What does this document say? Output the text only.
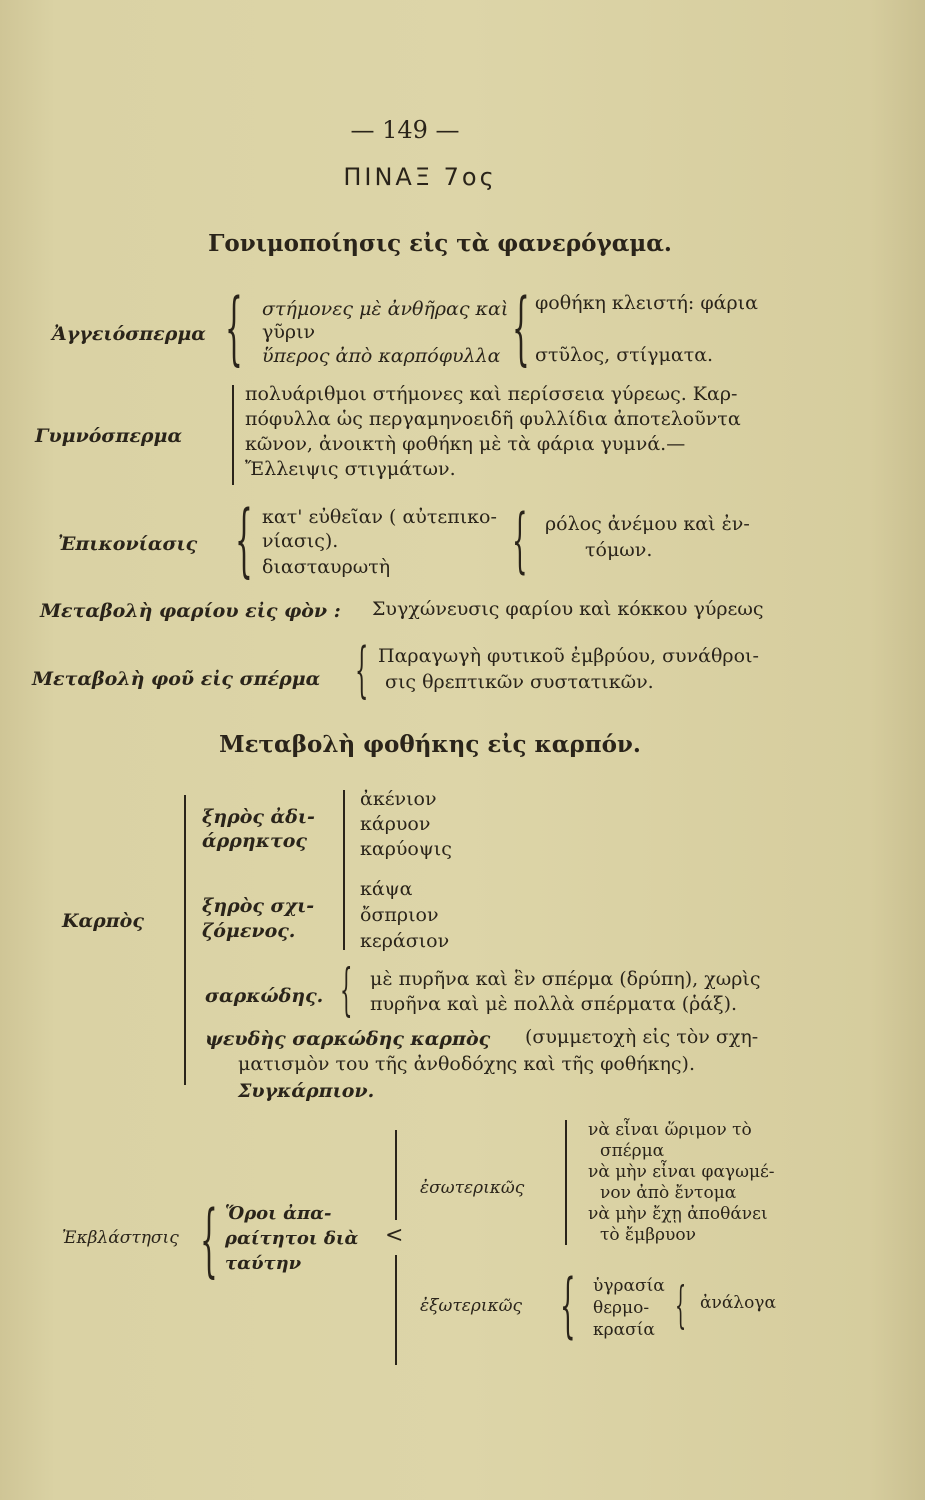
— 149 —
ΠΙΝΑΞ 7ος
Γονιμοποίησις εἰς τὰ φανερόγαμα.
Ἀγγειόσπερμα { στήμονες μὲ ἀνθῆρας καὶ
γῦριν
ὕπερος ἀπὸ καρπόφυλλα { φοθήκη κλειστή: φάρια
στῦλος, στίγματα.
Γυμνόσπερμα
πολυάριθμοι στήμονες καὶ περίσσεια γύρεως. Καρ-
πόφυλλα ὡς περγαμηνοειδῆ φυλλίδια ἀποτελοῦντα
κῶνον, ἀνοικτὴ φοθήκη μὲ τὰ φάρια γυμνά.—
Ἔλλειψις στιγμάτων.
Ἐπικονίασις { κατ' εὐθεῖαν ( αὐτεπικο-
νίασις).
διασταυρωτὴ { ρόλος ἀνέμου καὶ ἐν-
τόμων.
Μεταβολὴ φαρίου εἰς φὸν : Συγχώνευσις φαρίου καὶ κόκκου γύρεως
Μεταβολὴ φοῦ εἰς σπέρμα { Παραγωγὴ φυτικοῦ ἐμβρύου, συνάθροι-
σις θρεπτικῶν συστατικῶν.
Μεταβολὴ φοθήκης εἰς καρπόν.
Καρπὸς
ξηρὸς ἀδι-
άρρηκτος
ἀκένιον
κάρυον
καρύοψις
ξηρὸς σχι-
ζόμενος.
κάψα
ὄσπριον
κεράσιον
σαρκώδης. { μὲ πυρῆνα καὶ ἓν σπέρμα (δρύπη), χωρὶς
πυρῆνα καὶ μὲ πολλὰ σπέρματα (ῥάξ).
ψευδὴς σαρκώδης καρπὸς (συμμετοχὴ εἰς τὸν σχη-
ματισμὸν του τῆς ἀνθοδόχης καὶ τῆς φοθήκης).
Συγκάρπιον.
Ἐκβλάστησις { Ὅροι ἀπα-
ραίτητοι διὰ
ταύτην
<
ἐσωτερικῶς
νὰ εἶναι ὥριμον τὸ
σπέρμα
νὰ μὴν εἶναι φαγωμέ-
νον ἀπὸ ἔντομα
νὰ μὴν ἔχῃ ἀποθάνει
τὸ ἔμβρυον
ἐξωτερικῶς { ὑγρασία
θερμο-
κρασία { ἀνάλογα
